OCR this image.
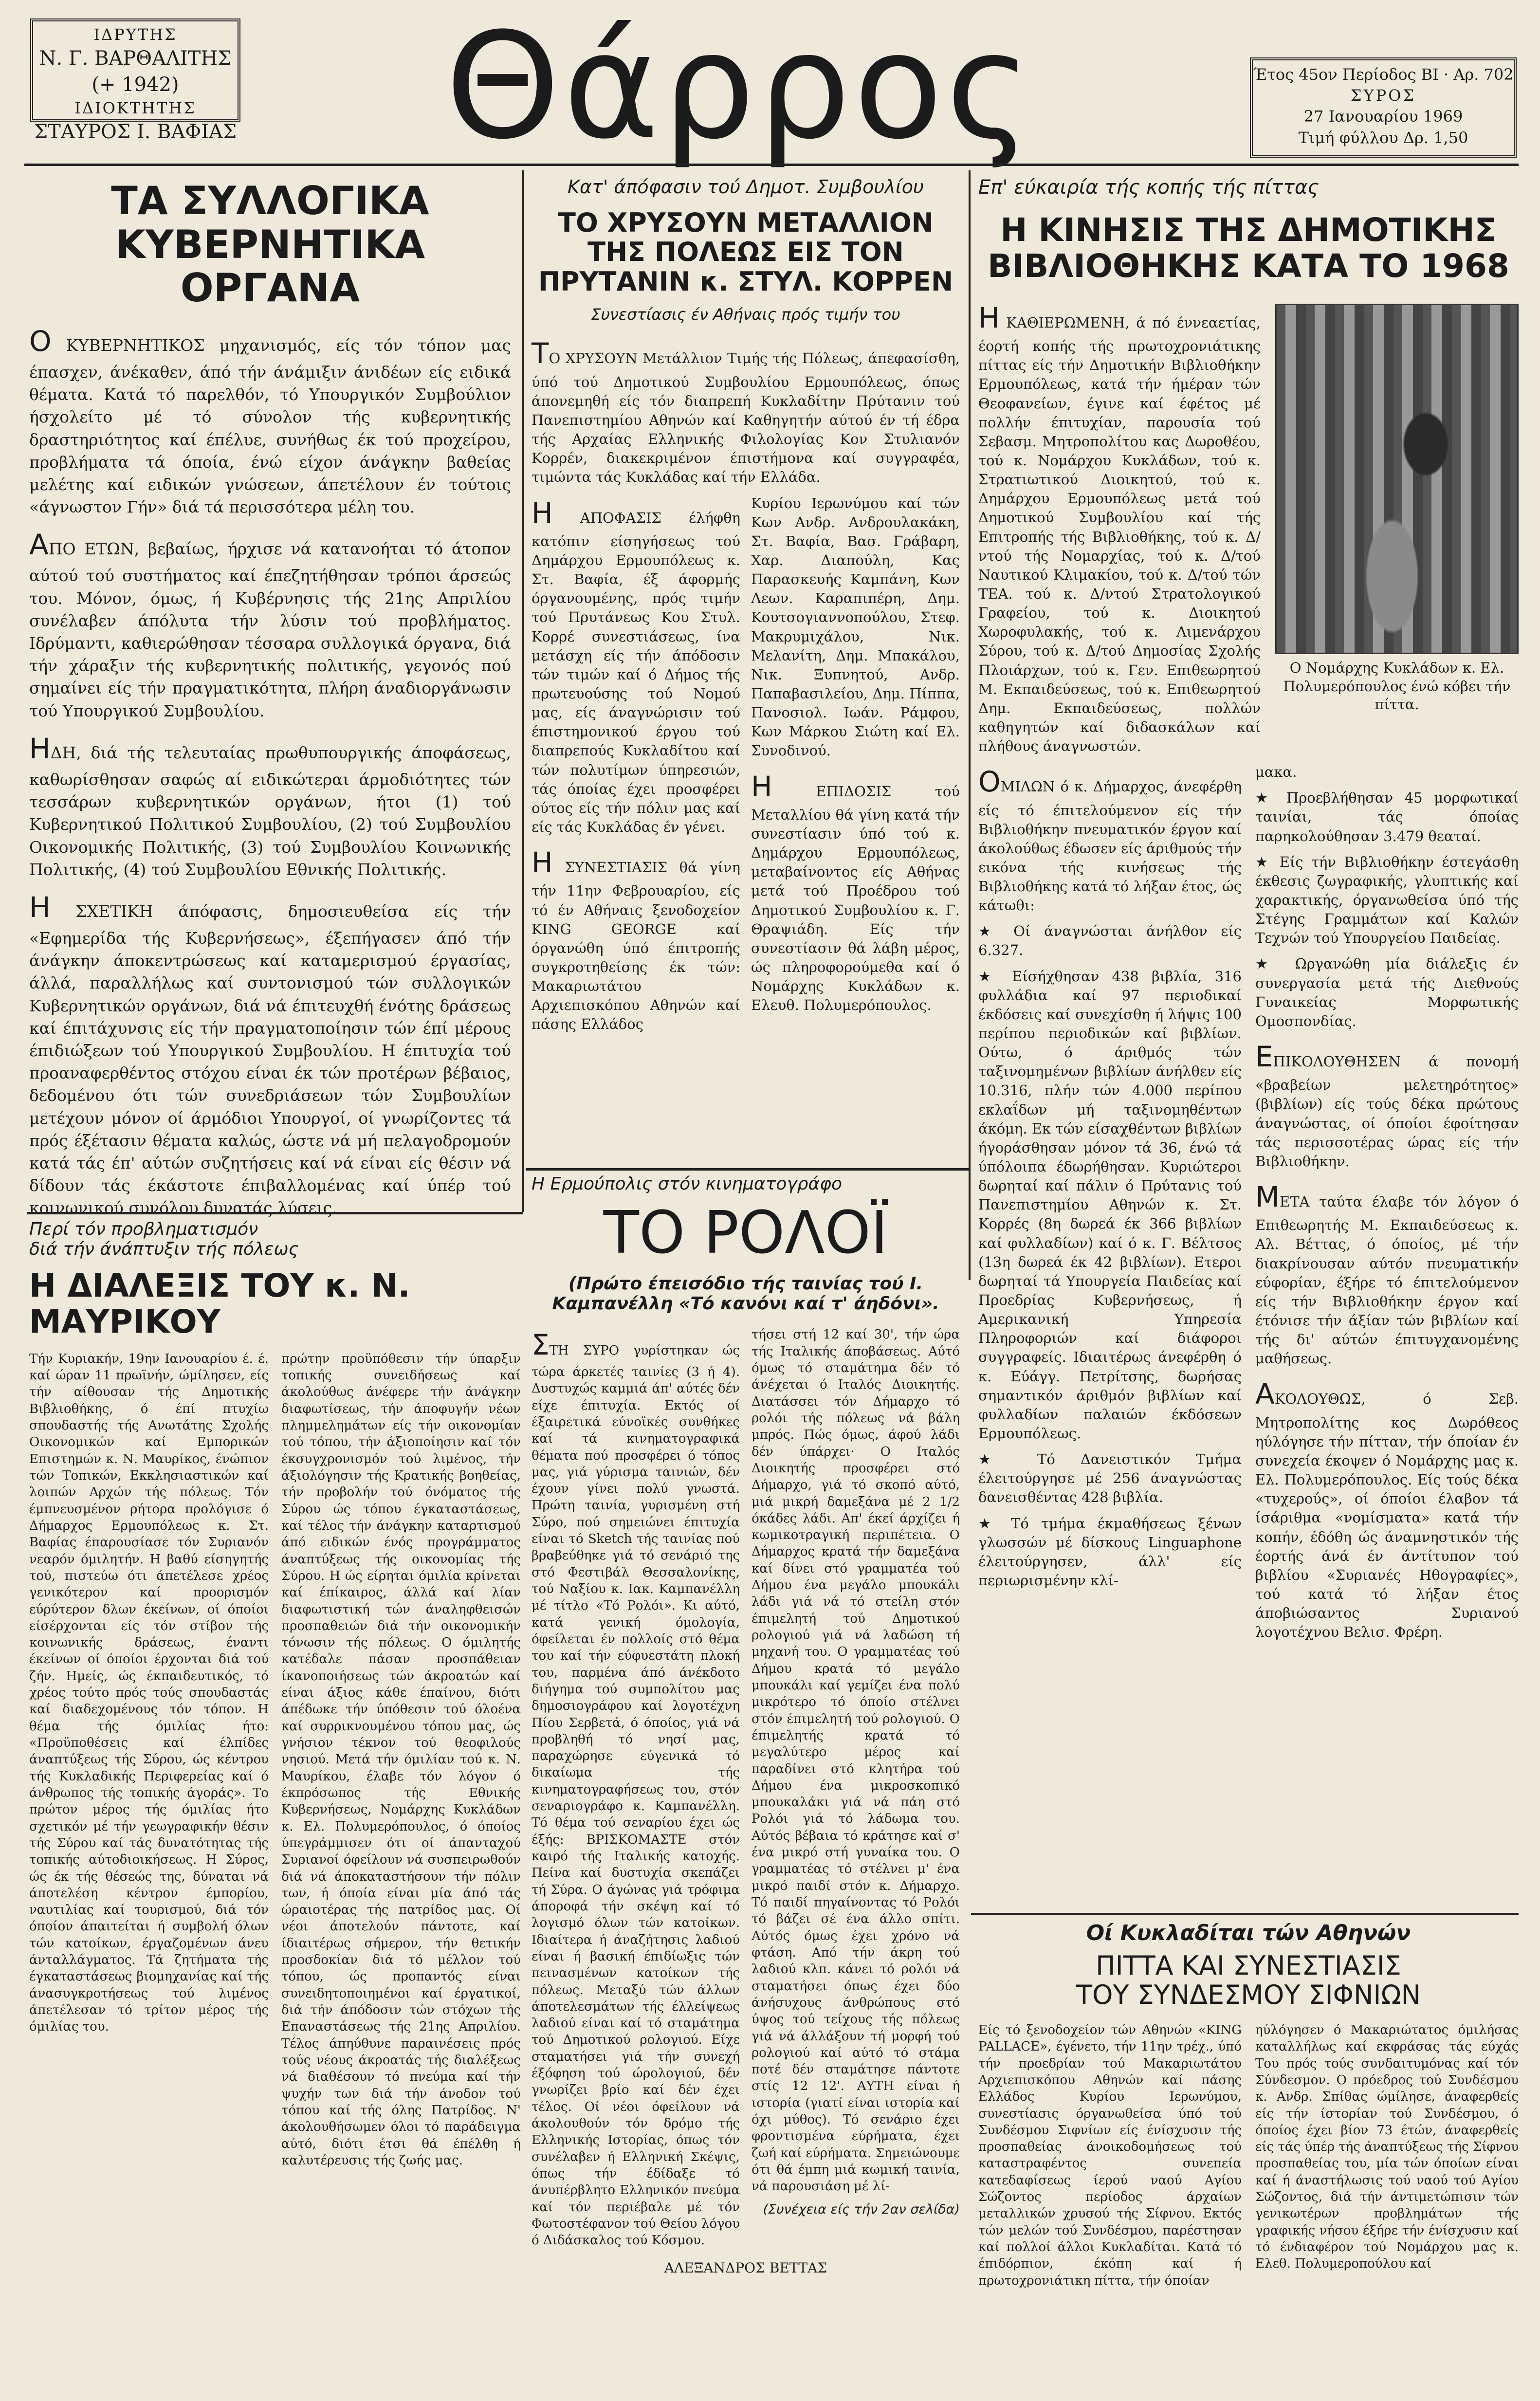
ΙΔΡΥΤΗΣ
Ν. Γ. ΒΑΡΘΑΛΙΤΗΣ (+ 1942)
ΙΔΙΟΚΤΗΤΗΣ
ΣΤΑΥΡΟΣ Ι. ΒΑΦΙΑΣ	Θάρρος	Έτος 45ον Περίοδος ΒΙ · Αρ. 702
ΣΥΡΟΣ
27 Ιανουαρίου 1969
Τιμή φύλλου Δρ. 1,50
ΤΑ ΣΥΛΛΟΓΙΚΑ ΚΥΒΕΡΝΗΤΙΚΑ ΟΡΓΑΝΑ

Ο ΚΥΒΕΡΝΗΤΙΚΟΣ μηχανισμός, είς τόν τόπον μας έπασχεν, άνέκαθεν, άπό τήν άνάμιξιν άνιδέων είς ειδικά θέματα. Κατά τό παρελθόν, τό Υπουργικόν Συμβούλιον ήσχολείτο μέ τό σύνολον τής κυβερνητικής δραστηριότητος καί έπέλυε, συνήθως έκ τού προχείρου, προβλήματα τά όποία, ένώ είχον άνάγκην βαθείας μελέτης καί ειδικών γνώσεων, άπετέλουν έν τούτοις «άγνωστον Γήν» διά τά περισσότερα μέλη του.

ΑΠΟ ΕΤΩΝ, βεβαίως, ήρχισε νά κατανοήται τό άτοπον αύτού τού συστήματος καί έπεζητήθησαν τρόποι άρσεώς του. Μόνον, όμως, ή Κυβέρνησις τής 21ης Απριλίου συνέλαβεν άπόλυτα τήν λύσιν τού προβλήματος. Ιδρύμαντι, καθιερώθησαν τέσσαρα συλλογικά όργανα, διά τήν χάραξιν τής κυβερνητικής πολιτικής, γεγονός πού σημαίνει είς τήν πραγματικότητα, πλήρη άναδιοργάνωσιν τού Υπουργικού Συμβουλίου.

ΗΔΗ, διά τής τελευταίας πρωθυπουργικής άποφάσεως, καθωρίσθησαν σαφώς αί ειδικώτεραι άρμοδιότητες τών τεσσάρων κυβερνητικών οργάνων, ήτοι (1) τού Κυβερνητικού Πολιτικού Συμβουλίου, (2) τού Συμβουλίου Οικονομικής Πολιτικής, (3) τού Συμβουλίου Κοινωνικής Πολιτικής, (4) τού Συμβουλίου Εθνικής Πολιτικής.

Η ΣΧΕΤΙΚΗ άπόφασις, δημοσιευθείσα είς τήν «Εφημερίδα τής Κυβερνήσεως», έξεπήγασεν άπό τήν άνάγκην άποκεντρώσεως καί καταμερισμού έργασίας, άλλά, παραλλήλως καί συντονισμού τών συλλογικών Κυβερνητικών οργάνων, διά νά έπιτευχθή ένότης δράσεως καί έπιτάχυνσις είς τήν πραγματοποίησιν τών έπί μέρους έπιδιώξεων τού Υπουργικού Συμβουλίου. Η έπιτυχία τού προαναφερθέντος στόχου είναι έκ τών προτέρων βέβαιος, δεδομένου ότι τών συνεδριάσεων τών Συμβουλίων μετέχουν μόνον οί άρμόδιοι Υπουργοί, οί γνωρίζοντες τά πρός έξέτασιν θέματα καλώς, ώστε νά μή πελαγοδρομούν κατά τάς έπ' αύτών συζητήσεις καί νά είναι είς θέσιν νά δίδουν τάς έκάστοτε έπιβαλλομένας καί ύπέρ τού κοινωνικού συνόλου δυνατάς λύσεις.

Περί τόν προβληματισμόν
διά τήν άνάπτυξιν τής πόλεως
Η ΔΙΑΛΕΞΙΣ ΤΟΥ κ. Ν. ΜΑΥΡΙΚΟΥ

Τήν Κυριακήν, 19ην Ιανουαρίου έ. έ. καί ώραν 11 πρωϊνήν, ώμίλησεν, είς τήν αίθουσαν τής Δημοτικής Βιβλιοθήκης, ό έπί πτυχίω σπουδαστής τής Ανωτάτης Σχολής Οικονομικών καί Εμπορικών Επιστημών κ. Ν. Μαυρίκος, ένώπιον τών Τοπικών, Εκκλησιαστικών καί λοιπών Αρχών τής πόλεως. Τόν έμπνευσμένον ρήτορα προλόγισε ό Δήμαρχος Ερμουπόλεως κ. Στ. Βαφίας έπαρουσίασε τόν Συριανόν νεαρόν όμιλητήν. Η βαθύ είσηγητής τού, πιστεύω ότι άπετέλεσε χρέος γενικότερον καί προορισμόν εύρύτερον δλων έκείνων, οί όποίοι είσέρχονται είς τόν στίβον τής κοινωνικής δράσεως, έναντι έκείνων οί όποίοι έρχονται διά τού ζήν. Ημείς, ώς έκπαιδευτικός, τό χρέος τούτο πρός τούς σπουδαστάς καί διαδεχομένους τόν τόπον. Η θέμα τής όμιλίας ήτο: «Προϋποθέσεις καί έλπίδες άναπτύξεως τής Σύρου, ώς κέντρου τής Κυκλαδικής Περιφερείας καί ό άνθρωπος τής τοπικής άγοράς». Το πρώτον μέρος τής όμιλίας ήτο σχετικόν μέ τήν γεωγραφικήν θέσιν τής Σύρου καί τάς δυνατότητας τής τοπικής αύτοδιοικήσεως. Η Σύρος, ώς έκ τής θέσεώς της, δύναται νά άποτελέση κέντρον έμπορίου, ναυτιλίας καί τουρισμού, διά τόν όποίον άπαιτείται ή συμβολή όλων τών κατοίκων, έργαζομένων άνευ άνταλλάγματος. Τά ζητήματα τής έγκαταστάσεως βιομηχανίας καί τής άνασυγκροτήσεως τού λιμένος άπετέλεσαν τό τρίτον μέρος τής όμιλίας του.

πρώτην προϋπόθεσιν τήν ύπαρξιν τοπικής συνειδήσεως καί άκολούθως άνέφερε τήν άνάγκην διαφωτίσεως, τήν άποφυγήν νέων πλημμελημάτων είς τήν οικονομίαν τού τόπου, τήν άξιοποίησιν καί τόν έκσυγχρονισμόν τού λιμένος, τήν άξιολόγησιν τής Κρατικής βοηθείας, τήν προβολήν τού όνόματος τής Σύρου ώς τόπου έγκαταστάσεως, καί τέλος τήν άνάγκην καταρτισμού άπό ειδικών ένός προγράμματος άναπτύξεως τής οικονομίας τής Σύρου. Η ώς είρηται όμιλία κρίνεται καί έπίκαιρος, άλλά καί λίαν διαφωτιστική τών άναληφθεισών προσπαθειών διά τήν οικονομικήν τόνωσιν τής πόλεως. Ο όμιλητής κατέδαλε πάσαν προσπάθειαν ίκανοποιήσεως τών άκροατών καί είναι άξιος κάθε έπαίνου, διότι άπέδωκε τήν ύπόθεσιν τού όλοένα καί συρρικνουμένου τόπου μας, ώς γνήσιον τέκνον τού θεοφιλούς νησιού. Μετά τήν όμιλίαν τού κ. Ν. Μαυρίκου, έλαβε τόν λόγον ό έκπρόσωπος τής Εθνικής Κυβερνήσεως, Νομάρχης Κυκλάδων κ. Ελ. Πολυμερόπουλος, ό όποίος ύπεγράμμισεν ότι οί άπανταχού Συριανοί όφείλουν νά συσπειρωθούν διά νά άποκαταστήσουν τήν πόλιν των, ή όποία είναι μία άπό τάς ώραιοτέρας τής πατρίδος μας. Οί νέοι άποτελούν πάντοτε, καί ίδιαιτέρως σήμερον, τήν θετικήν προσδοκίαν διά τό μέλλον τού τόπου, ώς προπαντός είναι συνειδητοποιημένοι καί έργατικοί, διά τήν άπόδοσιν τών στόχων τής Επαναστάσεως τής 21ης Απριλίου. Τέλος άπηύθυνε παραινέσεις πρός τούς νέους άκροατάς τής διαλέξεως νά διαθέσουν τό πνεύμα καί τήν ψυχήν των διά τήν άνοδον τού τόπου καί τής όλης Πατρίδος. Ν' άκολουθήσωμεν όλοι τό παράδειγμα αύτό, διότι έτσι θά έπέλθη ή καλυτέρευσις τής ζωής μας.

Κατ' άπόφασιν τού Δημοτ. Συμβουλίου
ΤΟ ΧΡΥΣΟΥΝ ΜΕΤΑΛΛΙΟΝ ΤΗΣ ΠΟΛΕΩΣ ΕΙΣ ΤΟΝ ΠΡΥΤΑΝΙΝ κ. ΣΤΥΛ. ΚΟΡΡΕΝ
Συνεστίασις έν Αθήναις πρός τιμήν του

ΤΟ ΧΡΥΣΟΥΝ Μετάλλιον Τιμής τής Πόλεως, άπεφασίσθη, ύπό τού Δημοτικού Συμβουλίου Ερμουπόλεως, όπως άπονεμηθή είς τόν διαπρεπή Κυκλαδίτην Πρύτανιν τού Πανεπιστημίου Αθηνών καί Καθηγητήν αύτού έν τή έδρα τής Αρχαίας Ελληνικής Φιλολογίας Κον Στυλιανόν Κορρέν, διακεκριμένον έπιστήμονα καί συγγραφέα, τιμώντα τάς Κυκλάδας καί τήν Ελλάδα.

Η ΑΠΟΦΑΣΙΣ έλήφθη κατόπιν είσηγήσεως τού Δημάρχου Ερμουπόλεως κ. Στ. Βαφία, έξ άφορμής όργανουμένης, πρός τιμήν τού Πρυτάνεως Κου Στυλ. Κορρέ συνεστιάσεως, ίνα μετάσχη είς τήν άπόδοσιν τών τιμών καί ό Δήμος τής πρωτευούσης τού Νομού μας, είς άναγνώρισιν τού έπιστημονικού έργου τού διαπρεπούς Κυκλαδίτου καί τών πολυτίμων ύπηρεσιών, τάς όποίας έχει προσφέρει ούτος είς τήν πόλιν μας καί είς τάς Κυκλάδας έν γένει.

Η ΣΥΝΕΣΤΙΑΣΙΣ θά γίνη τήν 11ην Φεβρουαρίου, είς τό έν Αθήναις ξενοδοχείον KING GEORGE καί όργανώθη ύπό έπιτροπής συγκροτηθείσης έκ τών: Μακαριωτάτου Αρχιεπισκόπου Αθηνών καί πάσης Ελλάδος

Κυρίου Ιερωνύμου καί τών Κων Ανδρ. Ανδρουλακάκη, Στ. Βαφία, Βασ. Γράβαρη, Χαρ. Διαπούλη, Κας Παρασκευής Καμπάνη, Κων Λεων. Καραπιπέρη, Δημ. Κουτσογιαννοπούλου, Στεφ. Μακρυμιχάλου, Νικ. Μελανίτη, Δημ. Μπακάλου, Νικ. Ξυπνητού, Ανδρ. Παπαβασιλείου, Δημ. Πίππα, Πανοσιολ. Ιωάν. Ράμφου, Κων Μάρκου Σιώτη καί Ελ. Συνοδινού.

Η ΕΠΙΔΟΣΙΣ τού Μεταλλίου θά γίνη κατά τήν συνεστίασιν ύπό τού κ. Δημάρχου Ερμουπόλεως, μεταβαίνοντος είς Αθήνας μετά τού Προέδρου τού Δημοτικού Συμβουλίου κ. Γ. Θραψιάδη. Είς τήν συνεστίασιν θά λάβη μέρος, ώς πληροφορούμεθα καί ό Νομάρχης Κυκλάδων κ. Ελευθ. Πολυμερόπουλος.

Η Ερμούπολις στόν κινηματογράφο
ΤΟ ΡΟΛΟΪ
(Πρώτο έπεισόδιο τής ταινίας τού Ι. Καμπανέλλη «Τό κανόνι καί τ' άηδόνι».

ΣΤΗ ΣΥΡΟ γυρίστηκαν ώς τώρα άρκετές ταινίες (3 ή 4). Δυστυχώς καμμιά άπ' αύτές δέν είχε έπιτυχία. Εκτός οί έξαιρετικά εύνοϊκές συνθήκες καί τά κινηματογραφικά θέματα πού προσφέρει ό τόπος μας, γιά γύρισμα ταινιών, δέν έχουν γίνει πολύ γνωστά. Πρώτη ταινία, γυρισμένη στή Σύρο, πού σημειώνει έπιτυχία είναι τό Sketch τής ταινίας πού βραβεύθηκε γιά τό σενάριό της στό Φεστιβάλ Θεσσαλονίκης, τού Ναξίου κ. Ιακ. Καμπανέλλη μέ τίτλο «Τό Ρολόι». Κι αύτό, κατά γενική όμολογία, όφείλεται έν πολλοίς στό θέμα του καί τήν εύφυεστάτη πλοκή του, παρμένα άπό άνέκδοτο διήγημα τού συμπολίτου μας δημοσιογράφου καί λογοτέχνη Πίου Σερβετά, ό όποίος, γιά νά προβληθή τό νησί μας, παραχώρησε εύγενικά τό δικαίωμα τής κινηματογραφήσεως του, στόν σεναριογράφο κ. Καμπανέλλη. Τό θέμα τού σεναρίου έχει ώς έξής: ΒΡΙΣΚΟΜΑΣΤΕ στόν καιρό τής Ιταλικής κατοχής. Πείνα καί δυστυχία σκεπάζει τή Σύρα. Ο άγώνας γιά τρόφιμα άποροφά τήν σκέψη καί τό λογισμό όλων τών κατοίκων. Ιδιαίτερα ή άναζήτησις λαδιού είναι ή βασική έπιδίωξις τών πεινασμένων κατοίκων τής πόλεως. Μεταξύ τών άλλων άποτελεσμάτων τής έλλείψεως λαδιού είναι καί τό σταμάτημα τού Δημοτικού ρολογιού. Είχε σταματήσει γιά τήν συνεχή έξόφηση τού ώρολογιού, δέν γνωρίζει βρίο καί δέν έχει τέλος. Οί νέοι όφείλουν νά άκολουθούν τόν δρόμο τής Ελληνικής Ιστορίας, όπως τόν συνέλαβεν ή Ελληνική Σκέψις, όπως τήν έδίδαξε τό άνυπέρβλητο Ελληνικόν πνεύμα καί τόν περιέβαλε μέ τόν Φωτοστέφανον τού Θείου λόγου ό Διδάσκαλος τού Κόσμου.

τήσει στή 12 καί 30', τήν ώρα τής Ιταλικής άποβάσεως. Αύτό όμως τό σταμάτημα δέν τό άνέχεται ό Ιταλός Διοικητής. Διατάσσει τόν Δήμαρχο τό ρολόι τής πόλεως νά βάλη μπρός. Πώς όμως, άφού λάδι δέν ύπάρχει· Ο Ιταλός Διοικητής προσφέρει στό Δήμαρχο, γιά τό σκοπό αύτό, μιά μικρή δαμεξάνα μέ 2 1/2 όκάδες λάδι. Απ' έκεί άρχίζει ή κωμικοτραγική περιπέτεια. Ο Δήμαρχος κρατά τήν δαμεξάνα καί δίνει στό γραμματέα τού Δήμου ένα μεγάλο μπουκάλι λάδι γιά νά τό στείλη στόν έπιμελητή τού Δημοτικού ρολογιού γιά νά λαδώση τή μηχανή του. Ο γραμματέας τού Δήμου κρατά τό μεγάλο μπουκάλι καί γεμίζει ένα πολύ μικρότερο τό όποίο στέλνει στόν έπιμελητή τού ρολογιού. Ο έπιμελητής κρατά τό μεγαλύτερο μέρος καί παραδίνει στό κλητήρα τού Δήμου ένα μικροσκοπικό μπουκαλάκι γιά νά πάη στό Ρολόι γιά τό λάδωμα του. Αύτός βέβαια τό κράτησε καί σ' ένα μικρό στή γυναίκα του. Ο γραμματέας τό στέλνει μ' ένα μικρό παιδί στόν κ. Δήμαρχο. Τό παιδί πηγαίνοντας τό Ρολόι τό βάζει σέ ένα άλλο σπίτι. Αύτός όμως έχει χρόνο νά φτάση. Από τήν άκρη τού λαδιού κλπ. κάνει τό ρολόι νά σταματήσει όπως έχει δύο άνήσυχους άνθρώπους στό ύψος τού τείχους τής πόλεως γιά νά άλλάξουν τή μορφή τού ρολογιού καί αύτό τό στάμα ποτέ δέν σταμάτησε πάντοτε στίς 12 12'. ΑΥΤΗ είναι ή ιστορία (γιατί είναι ιστορία καί όχι μύθος). Τό σενάριο έχει φροντισμένα εύρήματα, έχει ζωή καί εύρήματα. Σημειώνουμε ότι θά έμπη μιά κωμική ταινία, νά παρουσιάση μέ λί-

(Συνέχεια είς τήν 2αν σελίδα)
ΑΛΕΞΑΝΔΡΟΣ ΒΕΤΤΑΣ
Επ' εύκαιρία τής κοπής τής πίττας
Η ΚΙΝΗΣΙΣ ΤΗΣ ΔΗΜΟΤΙΚΗΣ ΒΙΒΛΙΟΘΗΚΗΣ ΚΑΤΑ ΤΟ 1968
Ο Νομάρχης Κυκλάδων κ. Ελ. Πολυμερόπουλος ένώ κόβει τήν πίττα.

Η ΚΑΘΙΕΡΩΜΕΝΗ, ά πό έννεαετίας, έορτή κοπής τής πρωτοχρονιάτικης πίττας είς τήν Δημοτικήν Βιβλιοθήκην Ερμουπόλεως, κατά τήν ήμέραν τών Θεοφανείων, έγινε καί έφέτος μέ πολλήν έπιτυχίαν, παρουσία τού Σεβασμ. Μητροπολίτου κας Δωροθέου, τού κ. Νομάρχου Κυκλάδων, τού κ. Στρατιωτικού Διοικητού, τού κ. Δημάρχου Ερμουπόλεως μετά τού Δημοτικού Συμβουλίου καί τής Επιτροπής τής Βιβλιοθήκης, τού κ. Δ/ντού τής Νομαρχίας, τού κ. Δ/τού Ναυτικού Κλιμακίου, τού κ. Δ/τού τών ΤΕΑ. τού κ. Δ/ντού Στρατολογικού Γραφείου, τού κ. Διοικητού Χωροφυλακής, τού κ. Λιμενάρχου Σύρου, τού κ. Δ/τού Δημοσίας Σχολής Πλοιάρχων, τού κ. Γεν. Επιθεωρητού Μ. Εκπαιδεύσεως, τού κ. Επιθεωρητού Δημ. Εκπαιδεύσεως, πολλών καθηγητών καί διδασκάλων καί πλήθους άναγνωστών.

ΟΜΙΛΩΝ ό κ. Δήμαρχος, άνεφέρθη είς τό έπιτελούμενον είς τήν Βιβλιοθήκην πνευματικόν έργον καί άκολούθως έδωσεν είς άριθμούς τήν εικόνα τής κινήσεως τής Βιβλιοθήκης κατά τό λήξαν έτος, ώς κάτωθι:

★ Οί άναγνώσται άνήλθον είς 6.327.

★ Είσήχθησαν 438 βιβλία, 316 φυλλάδια καί 97 περιοδικαί έκδόσεις καί συνεχίσθη ή λήψις 100 περίπου περιοδικών καί βιβλίων. Ούτω, ό άριθμός τών ταξινομημένων βιβλίων άνήλθεν είς 10.316, πλήν τών 4.000 περίπου εκλαΐδων μή ταξινομηθέντων άκόμη. Εκ τών είσαχθέντων βιβλίων ήγοράσθησαν μόνον τά 36, ένώ τά ύπόλοιπα έδωρήθησαν. Κυριώτεροι δωρηταί καί πάλιν ό Πρύτανις τού Πανεπιστημίου Αθηνών κ. Στ. Κορρές (8η δωρεά έκ 366 βιβλίων καί φυλλαδίων) καί ό κ. Γ. Βέλτσος (13η δωρεά έκ 42 βιβλίων). Ετεροι δωρηταί τά Υπουργεία Παιδείας καί Προεδρίας Κυβερνήσεως, ή Αμερικανική Υπηρεσία Πληροφοριών καί διάφοροι συγγραφείς. Ιδιαιτέρως άνεφέρθη ό κ. Εύάγγ. Πετρίτσης, δωρήσας σημαντικόν άριθμόν βιβλίων καί φυλλαδίων παλαιών έκδόσεων Ερμουπόλεως.

★ Τό Δανειστικόν Τμήμα έλειτούργησε μέ 256 άναγνώστας δανεισθέντας 428 βιβλία.

★ Τό τμήμα έκμαθήσεως ξένων γλωσσών μέ δίσκους Linguaphone έλειτούργησεν, άλλ' είς περιωρισμένην κλί-

μακα.

★ Προεβλήθησαν 45 μορφωτικαί ταινίαι, τάς όποίας παρηκολούθησαν 3.479 θεαταί.

★ Είς τήν Βιβλιοθήκην έστεγάσθη έκθεσις ζωγραφικής, γλυπτικής καί χαρακτικής, όργανωθείσα ύπό τής Στέγης Γραμμάτων καί Καλών Τεχνών τού Υπουργείου Παιδείας.

★ Ωργανώθη μία διάλεξις έν συνεργασία μετά τής Διεθνούς Γυναικείας Μορφωτικής Ομοσπονδίας.

ΕΠΙΚΟΛΟΥΘΗΣΕΝ ά πονομή «βραβείων μελετηρότητος» (βιβλίων) είς τούς δέκα πρώτους άναγνώστας, οί όποίοι έφοίτησαν τάς περισσοτέρας ώρας είς τήν Βιβλιοθήκην.

ΜΕΤΑ ταύτα έλαβε τόν λόγον ό Επιθεωρητής Μ. Εκπαιδεύσεως κ. Αλ. Βέττας, ό όποίος, μέ τήν διακρίνουσαν αύτόν πνευματικήν εύφορίαν, έξήρε τό έπιτελούμενον είς τήν Βιβλιοθήκην έργον καί έτόνισε τήν άξίαν τών βιβλίων καί τής δι' αύτών έπιτυγχανομένης μαθήσεως.

ΑΚΟΛΟΥΘΩΣ, ό Σεβ. Μητροπολίτης κος Δωρόθεος ηύλόγησε τήν πίτταν, τήν όποίαν έν συνεχεία έκοψεν ό Νομάρχης μας κ. Ελ. Πολυμερόπουλος. Είς τούς δέκα «τυχερούς», οί όποίοι έλαβον τά ίσάριθμα «νομίσματα» κατά τήν κοπήν, έδόθη ώς άναμνηστικόν τής έορτής άνά έν άντίτυπον τού βιβλίου «Συριανές Ηθογραφίες», τού κατά τό λήξαν έτος άποβιώσαντος Συριανού λογοτέχνου Βελισ. Φρέρη.

Οί Κυκλαδίται τών Αθηνών
ΠΙΤΤΑ ΚΑΙ ΣΥΝΕΣΤΙΑΣΙΣ
ΤΟΥ ΣΥΝΔΕΣΜΟΥ ΣΙΦΝΙΩΝ

Είς τό ξενοδοχείον τών Αθηνών «KING PALLACE», έγένετο, τήν 11ην τρέχ., ύπό τήν προεδρίαν τού Μακαριωτάτου Αρχιεπισκόπου Αθηνών καί πάσης Ελλάδος Κυρίου Ιερωνύμου, συνεστίασις όργανωθείσα ύπό τού Συνδέσμου Σιφνίων είς ένίσχυσιν τής προσπαθείας άνοικοδομήσεως τού καταστραφέντος συνεπεία κατεδαφίσεως ίερού ναού Αγίου Σώζοντος περίοδος άρχαίων μεταλλικών χρυσού τής Σίφνου. Εκτός τών μελών τού Συνδέσμου, παρέστησαν καί πολλοί άλλοι Κυκλαδίται. Κατά τό έπιδόρπιον, έκόπη καί ή πρωτοχρονιάτικη πίττα, τήν όποίαν

ηύλόγησεν ό Μακαριώτατος όμιλήσας καταλλήλως καί εκφράσας τάς εύχάς Του πρός τούς συνδαιτυμόνας καί τόν Σύνδεσμον. Ο πρόεδρος τού Συνδέσμου κ. Ανδρ. Σπίθας ώμίλησε, άναφερθείς είς τήν ίστορίαν τού Συνδέσμου, ό όποίος έχει βίον 73 έτών, άναφερθείς είς τάς ύπέρ τής άναπτύξεως τής Σίφνου προσπαθείας του, μία τών όποίων είναι καί ή άναστήλωσις τού ναού τού Αγίου Σώζοντος, διά τήν άντιμετώπισιν τών γενικωτέρων προβλημάτων τής γραφικής νήσου έξήρε τήν ένίσχυσιν καί τό ένδιαφέρον τού Νομάρχου μας κ. Ελεθ. Πολυμεροπούλου καί
